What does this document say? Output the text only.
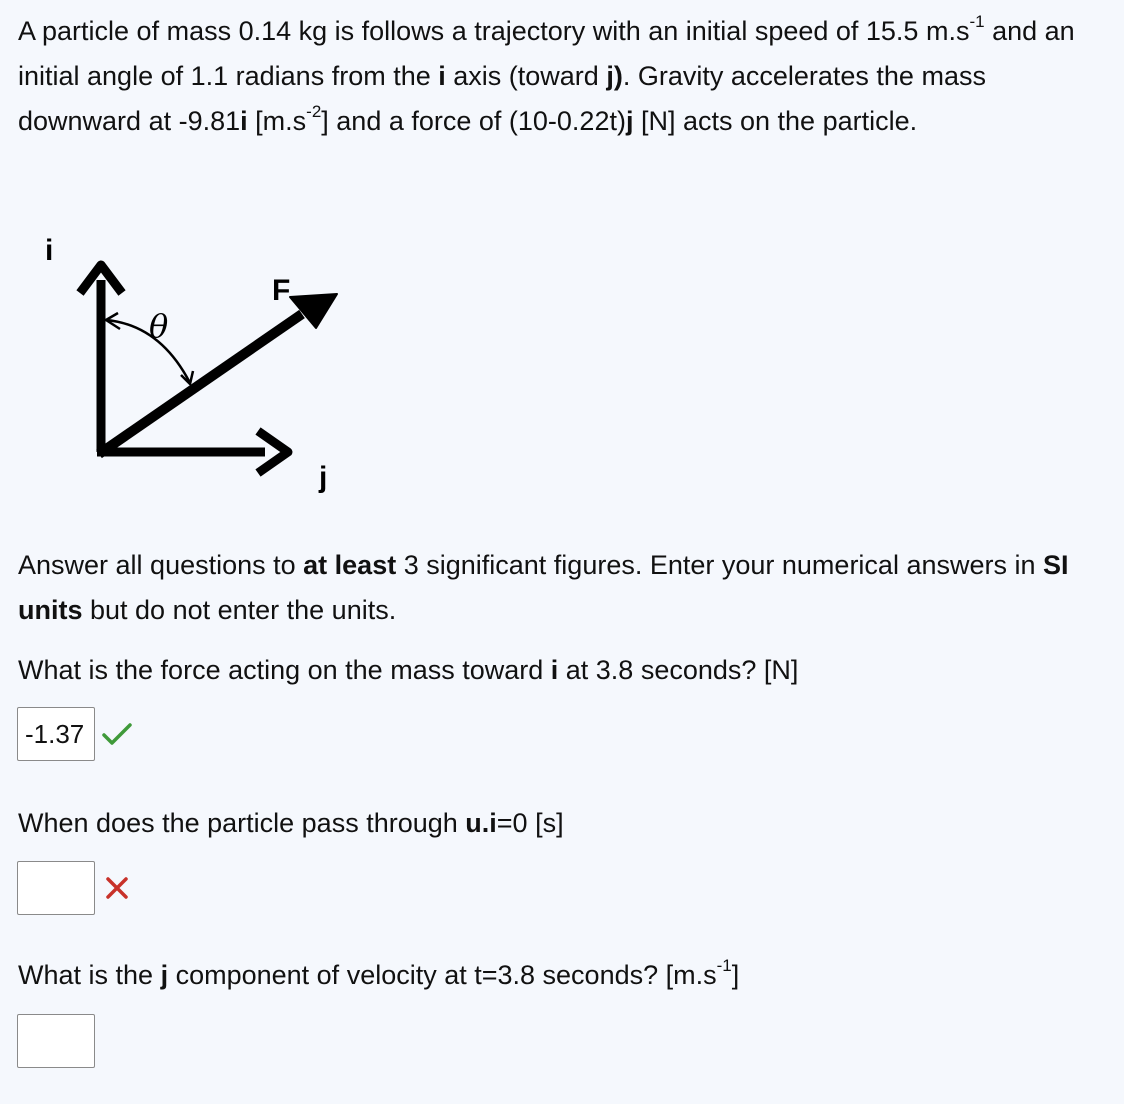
A particle of mass 0.14 kg is follows a trajectory with an initial speed of 15.5 $m.s^{-1}$ and an initial angle of 1.1 radians from the i axis (toward j). Gravity accelerates the mass downward at -9.81i $[m.s^{-2}]$ and a force of (10-0.22t)j [N] acts on the particle.

i
j
F
θ

Answer all questions to at least 3 significant figures. Enter your numerical answers in SI units but do not enter the units.

What is the force acting on the mass toward i at 3.8 seconds? [N]
-1.37
When does the particle pass through u.i=0 [s]
What is the j component of velocity at t=3.8 seconds? $[m.s^{-1}]$
